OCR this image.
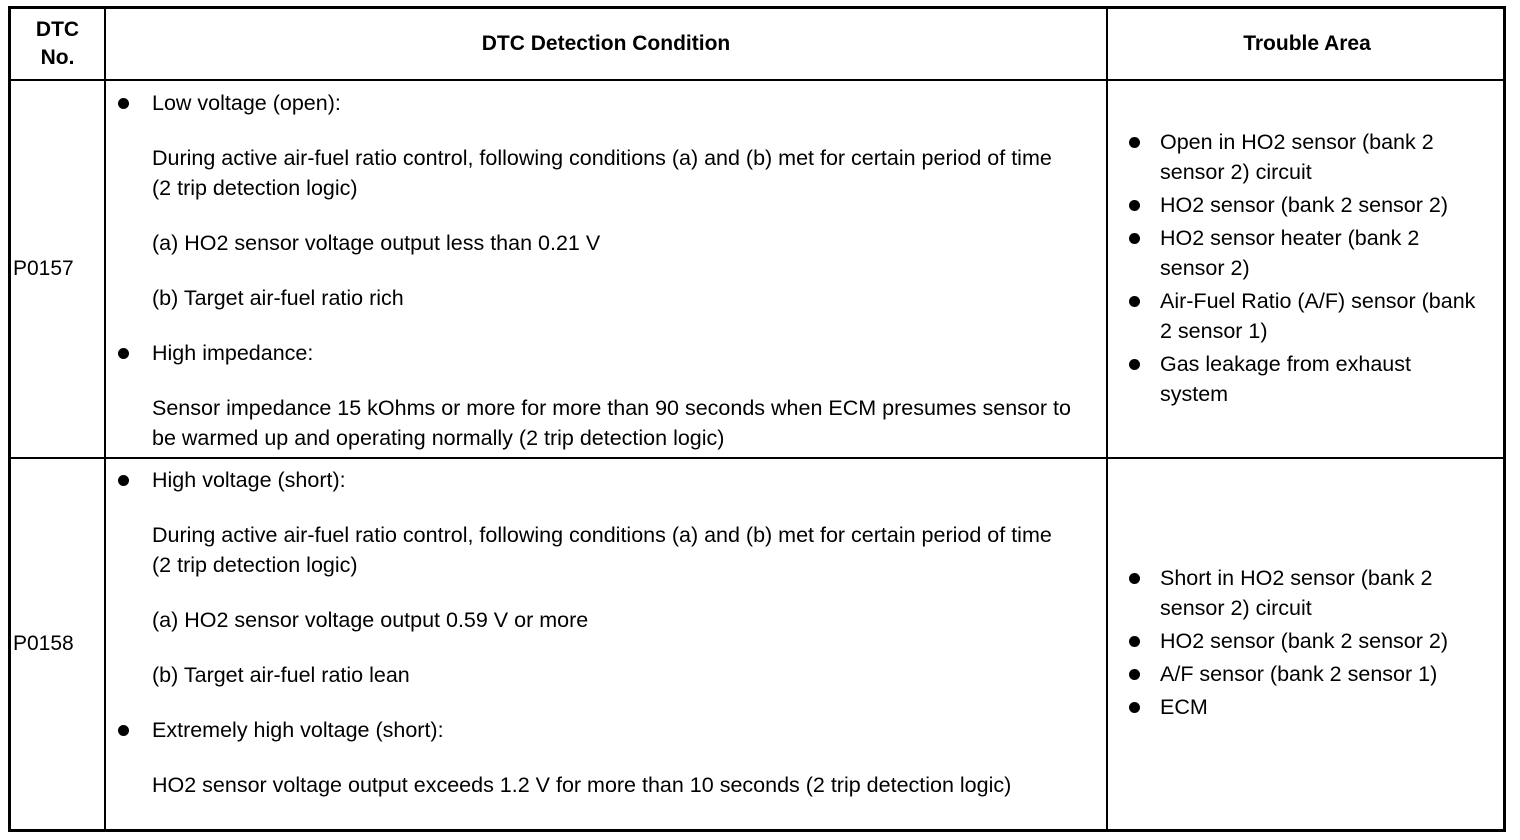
DTC
No.
DTC Detection Condition	Trouble Area
P0157
Low voltage (open):
During active air-fuel ratio control, following conditions (a) and (b) met for certain period of time (2 trip detection logic)
(a) HO2 sensor voltage output less than 0.21 V
(b) Target air-fuel ratio rich
High impedance:
Sensor impedance 15 kOhms or more for more than 90 seconds when ECM presumes sensor to be warmed up and operating normally (2 trip detection logic)
Open in HO2 sensor (bank 2 sensor 2) circuit
HO2 sensor (bank 2 sensor 2)
HO2 sensor heater (bank 2 sensor 2)
Air-Fuel Ratio (A/F) sensor (bank 2 sensor 1)
Gas leakage from exhaust system
P0158
High voltage (short):
During active air-fuel ratio control, following conditions (a) and (b) met for certain period of time (2 trip detection logic)
(a) HO2 sensor voltage output 0.59 V or more
(b) Target air-fuel ratio lean
Extremely high voltage (short):
HO2 sensor voltage output exceeds 1.2 V for more than 10 seconds (2 trip detection logic)
Short in HO2 sensor (bank 2 sensor 2) circuit
HO2 sensor (bank 2 sensor 2)
A/F sensor (bank 2 sensor 1)
ECM
